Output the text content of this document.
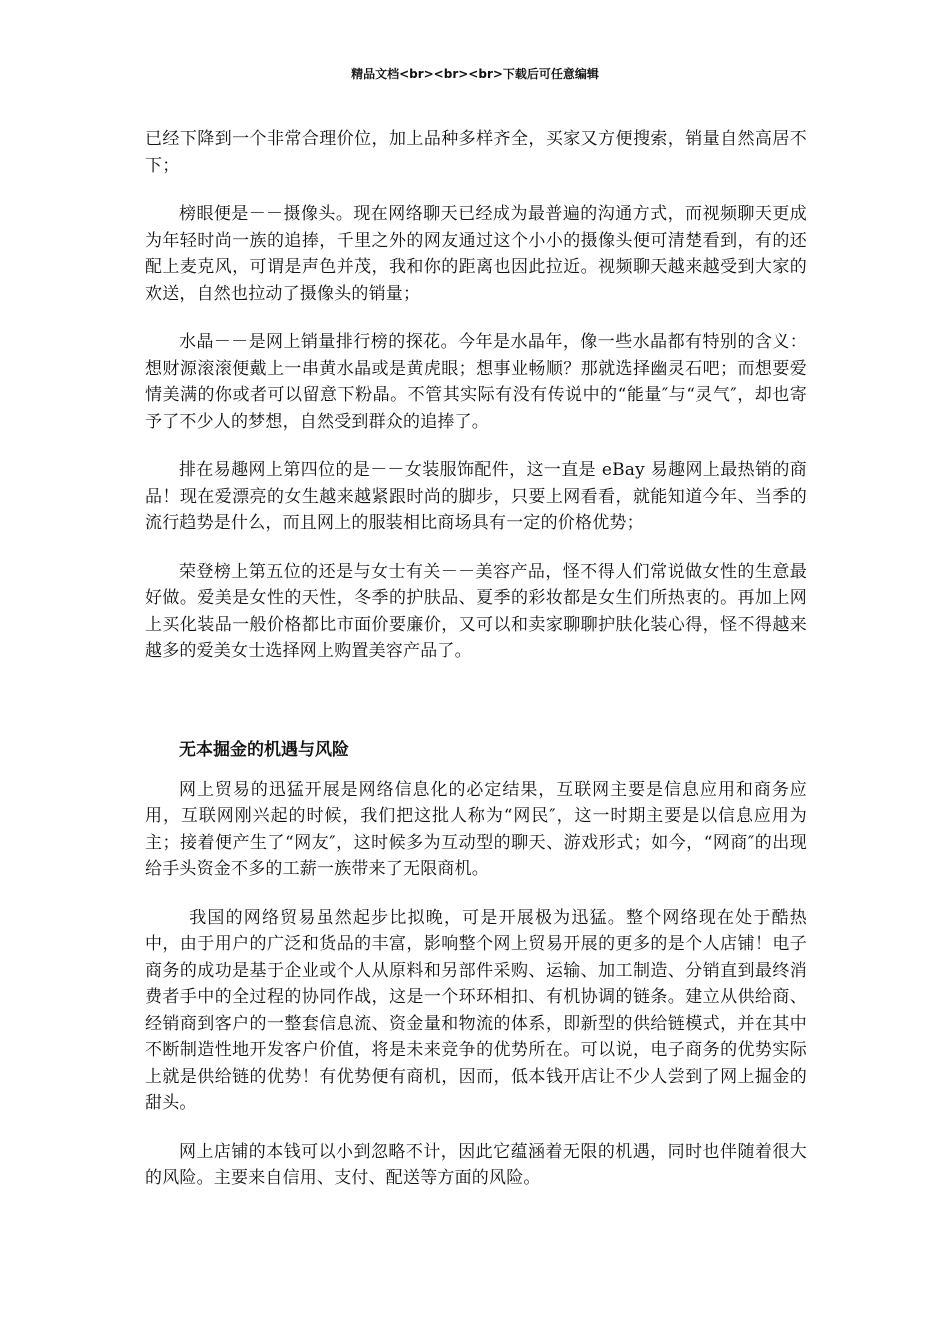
精品文档<br><br><br>下载后可任意编辑

已经下降到一个非常合理价位，加上品种多样齐全，买家又方便搜索，销量自然高居不下；

榜眼便是－－摄像头。现在网络聊天已经成为最普遍的沟通方式，而视频聊天更成为年轻时尚一族的追捧，千里之外的网友通过这个小小的摄像头便可清楚看到，有的还配上麦克风，可谓是声色并茂，我和你的距离也因此拉近。视频聊天越来越受到大家的欢送，自然也拉动了摄像头的销量；

水晶－－是网上销量排行榜的探花。今年是水晶年，像一些水晶都有特别的含义：想财源滚滚便戴上一串黄水晶或是黄虎眼；想事业畅顺？那就选择幽灵石吧；而想要爱情美满的你或者可以留意下粉晶。不管其实际有没有传说中的“能量″与“灵气″，却也寄予了不少人的梦想，自然受到群众的追捧了。

排在易趣网上第四位的是－－女装服饰配件，这一直是 eBay 易趣网上最热销的商品！现在爱漂亮的女生越来越紧跟时尚的脚步，只要上网看看，就能知道今年、当季的流行趋势是什么，而且网上的服装相比商场具有一定的价格优势；

荣登榜上第五位的还是与女士有关－－美容产品，怪不得人们常说做女性的生意最好做。爱美是女性的天性，冬季的护肤品、夏季的彩妆都是女生们所热衷的。再加上网上买化装品一般价格都比市面价要廉价，又可以和卖家聊聊护肤化装心得，怪不得越来越多的爱美女士选择网上购置美容产品了。

无本掘金的机遇与风险

网上贸易的迅猛开展是网络信息化的必定结果，互联网主要是信息应用和商务应用，互联网刚兴起的时候，我们把这批人称为“网民″，这一时期主要是以信息应用为主；接着便产生了“网友″，这时候多为互动型的聊天、游戏形式；如今，“网商″的出现给手头资金不多的工薪一族带来了无限商机。

我国的网络贸易虽然起步比拟晚，可是开展极为迅猛。整个网络现在处于酷热中，由于用户的广泛和货品的丰富，影响整个网上贸易开展的更多的是个人店铺！电子商务的成功是基于企业或个人从原料和另部件采购、运输、加工制造、分销直到最终消费者手中的全过程的协同作战，这是一个环环相扣、有机协调的链条。建立从供给商、经销商到客户的一整套信息流、资金量和物流的体系，即新型的供给链模式，并在其中不断制造性地开发客户价值，将是未来竞争的优势所在。可以说，电子商务的优势实际上就是供给链的优势！有优势便有商机，因而，低本钱开店让不少人尝到了网上掘金的甜头。

网上店铺的本钱可以小到忽略不计，因此它蕴涵着无限的机遇，同时也伴随着很大的风险。主要来自信用、支付、配送等方面的风险。
